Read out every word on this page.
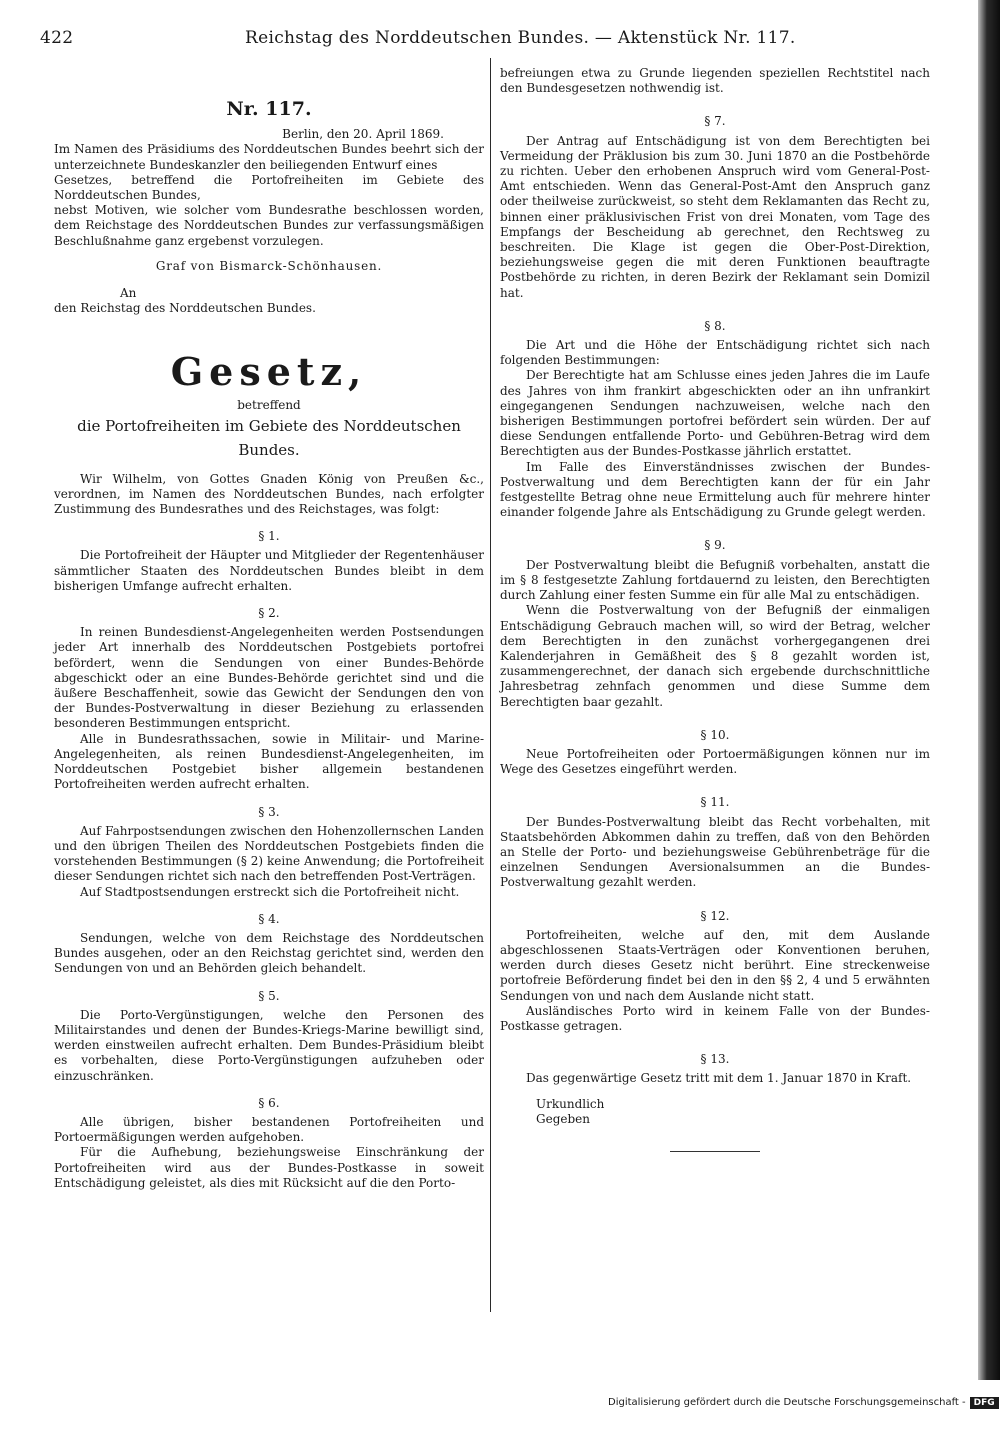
422	Reichstag des Norddeutschen Bundes. — Aktenstück Nr. 117.
Nr. 117.
Berlin, den 20. April 1869.

Im Namen des Präsidiums des Norddeutschen Bundes beehrt sich der unterzeichnete Bundeskanzler den beiliegenden Entwurf eines

Gesetzes, betreffend die Portofreiheiten im Gebiete des Norddeutschen Bundes,

nebst Motiven, wie solcher vom Bundesrathe beschlossen worden, dem Reichstage des Norddeutschen Bundes zur verfassungsmäßigen Beschlußnahme ganz ergebenst vorzulegen.

Graf von Bismarck-Schönhausen.
An
den Reichstag des Norddeutschen Bundes.
Gesetz,
betreffend
die Portofreiheiten im Gebiete des Norddeutschen
Bundes.

Wir Wilhelm, von Gottes Gnaden König von Preußen &c., verordnen, im Namen des Norddeutschen Bundes, nach erfolgter Zustimmung des Bundesrathes und des Reichstages, was folgt:

§ 1.

Die Portofreiheit der Häupter und Mitglieder der Regentenhäuser sämmtlicher Staaten des Norddeutschen Bundes bleibt in dem bisherigen Umfange aufrecht erhalten.

§ 2.

In reinen Bundesdienst-Angelegenheiten werden Postsendungen jeder Art innerhalb des Norddeutschen Postgebiets portofrei befördert, wenn die Sendungen von einer Bundes-Behörde abgeschickt oder an eine Bundes-Behörde gerichtet sind und die äußere Beschaffenheit, sowie das Gewicht der Sendungen den von der Bundes-Postverwaltung in dieser Beziehung zu erlassenden besonderen Bestimmungen entspricht.

Alle in Bundesrathssachen, sowie in Militair- und Marine-Angelegenheiten, als reinen Bundesdienst-Angelegenheiten, im Norddeutschen Postgebiet bisher allgemein bestandenen Portofreiheiten werden aufrecht erhalten.

§ 3.

Auf Fahrpostsendungen zwischen den Hohenzollernschen Landen und den übrigen Theilen des Norddeutschen Postgebiets finden die vorstehenden Bestimmungen (§ 2) keine Anwendung; die Portofreiheit dieser Sendungen richtet sich nach den betreffenden Post-Verträgen.

Auf Stadtpostsendungen erstreckt sich die Portofreiheit nicht.

§ 4.

Sendungen, welche von dem Reichstage des Norddeutschen Bundes ausgehen, oder an den Reichstag gerichtet sind, werden den Sendungen von und an Behörden gleich behandelt.

§ 5.

Die Porto-Vergünstigungen, welche den Personen des Militairstandes und denen der Bundes-Kriegs-Marine bewilligt sind, werden einstweilen aufrecht erhalten. Dem Bundes-Präsidium bleibt es vorbehalten, diese Porto-Vergünstigungen aufzuheben oder einzuschränken.

§ 6.

Alle übrigen, bisher bestandenen Portofreiheiten und Portoermäßigungen werden aufgehoben.

Für die Aufhebung, beziehungsweise Einschränkung der Portofreiheiten wird aus der Bundes-Postkasse in soweit Entschädigung geleistet, als dies mit Rücksicht auf die den Porto-

befreiungen etwa zu Grunde liegenden speziellen Rechtstitel nach den Bundesgesetzen nothwendig ist.

§ 7.

Der Antrag auf Entschädigung ist von dem Berechtigten bei Vermeidung der Präklusion bis zum 30. Juni 1870 an die Postbehörde zu richten. Ueber den erhobenen Anspruch wird vom General-Post-Amt entschieden. Wenn das General-Post-Amt den Anspruch ganz oder theilweise zurückweist, so steht dem Reklamanten das Recht zu, binnen einer präklusivischen Frist von drei Monaten, vom Tage des Empfangs der Bescheidung ab gerechnet, den Rechtsweg zu beschreiten. Die Klage ist gegen die Ober-Post-Direktion, beziehungsweise gegen die mit deren Funktionen beauftragte Postbehörde zu richten, in deren Bezirk der Reklamant sein Domizil hat.

§ 8.

Die Art und die Höhe der Entschädigung richtet sich nach folgenden Bestimmungen:

Der Berechtigte hat am Schlusse eines jeden Jahres die im Laufe des Jahres von ihm frankirt abgeschickten oder an ihn unfrankirt eingegangenen Sendungen nachzuweisen, welche nach den bisherigen Bestimmungen portofrei befördert sein würden. Der auf diese Sendungen entfallende Porto- und Gebühren-Betrag wird dem Berechtigten aus der Bundes-Postkasse jährlich erstattet.

Im Falle des Einverständnisses zwischen der Bundes-Postverwaltung und dem Berechtigten kann der für ein Jahr festgestellte Betrag ohne neue Ermittelung auch für mehrere hinter einander folgende Jahre als Entschädigung zu Grunde gelegt werden.

§ 9.

Der Postverwaltung bleibt die Befugniß vorbehalten, anstatt die im § 8 festgesetzte Zahlung fortdauernd zu leisten, den Berechtigten durch Zahlung einer festen Summe ein für alle Mal zu entschädigen.

Wenn die Postverwaltung von der Befugniß der einmaligen Entschädigung Gebrauch machen will, so wird der Betrag, welcher dem Berechtigten in den zunächst vorhergegangenen drei Kalenderjahren in Gemäßheit des § 8 gezahlt worden ist, zusammengerechnet, der danach sich ergebende durchschnittliche Jahresbetrag zehnfach genommen und diese Summe dem Berechtigten baar gezahlt.

§ 10.

Neue Portofreiheiten oder Portoermäßigungen können nur im Wege des Gesetzes eingeführt werden.

§ 11.

Der Bundes-Postverwaltung bleibt das Recht vorbehalten, mit Staatsbehörden Abkommen dahin zu treffen, daß von den Behörden an Stelle der Porto- und beziehungsweise Gebührenbeträge für die einzelnen Sendungen Aversionalsummen an die Bundes-Postverwaltung gezahlt werden.

§ 12.

Portofreiheiten, welche auf den, mit dem Auslande abgeschlossenen Staats-Verträgen oder Konventionen beruhen, werden durch dieses Gesetz nicht berührt. Eine streckenweise portofreie Beförderung findet bei den in den §§ 2, 4 und 5 erwähnten Sendungen von und nach dem Auslande nicht statt.

Ausländisches Porto wird in keinem Falle von der Bundes-Postkasse getragen.

§ 13.

Das gegenwärtige Gesetz tritt mit dem 1. Januar 1870 in Kraft.

Urkundlich
Gegeben
Digitalisierung gefördert durch die Deutsche Forschungsgemeinschaft - DFG
